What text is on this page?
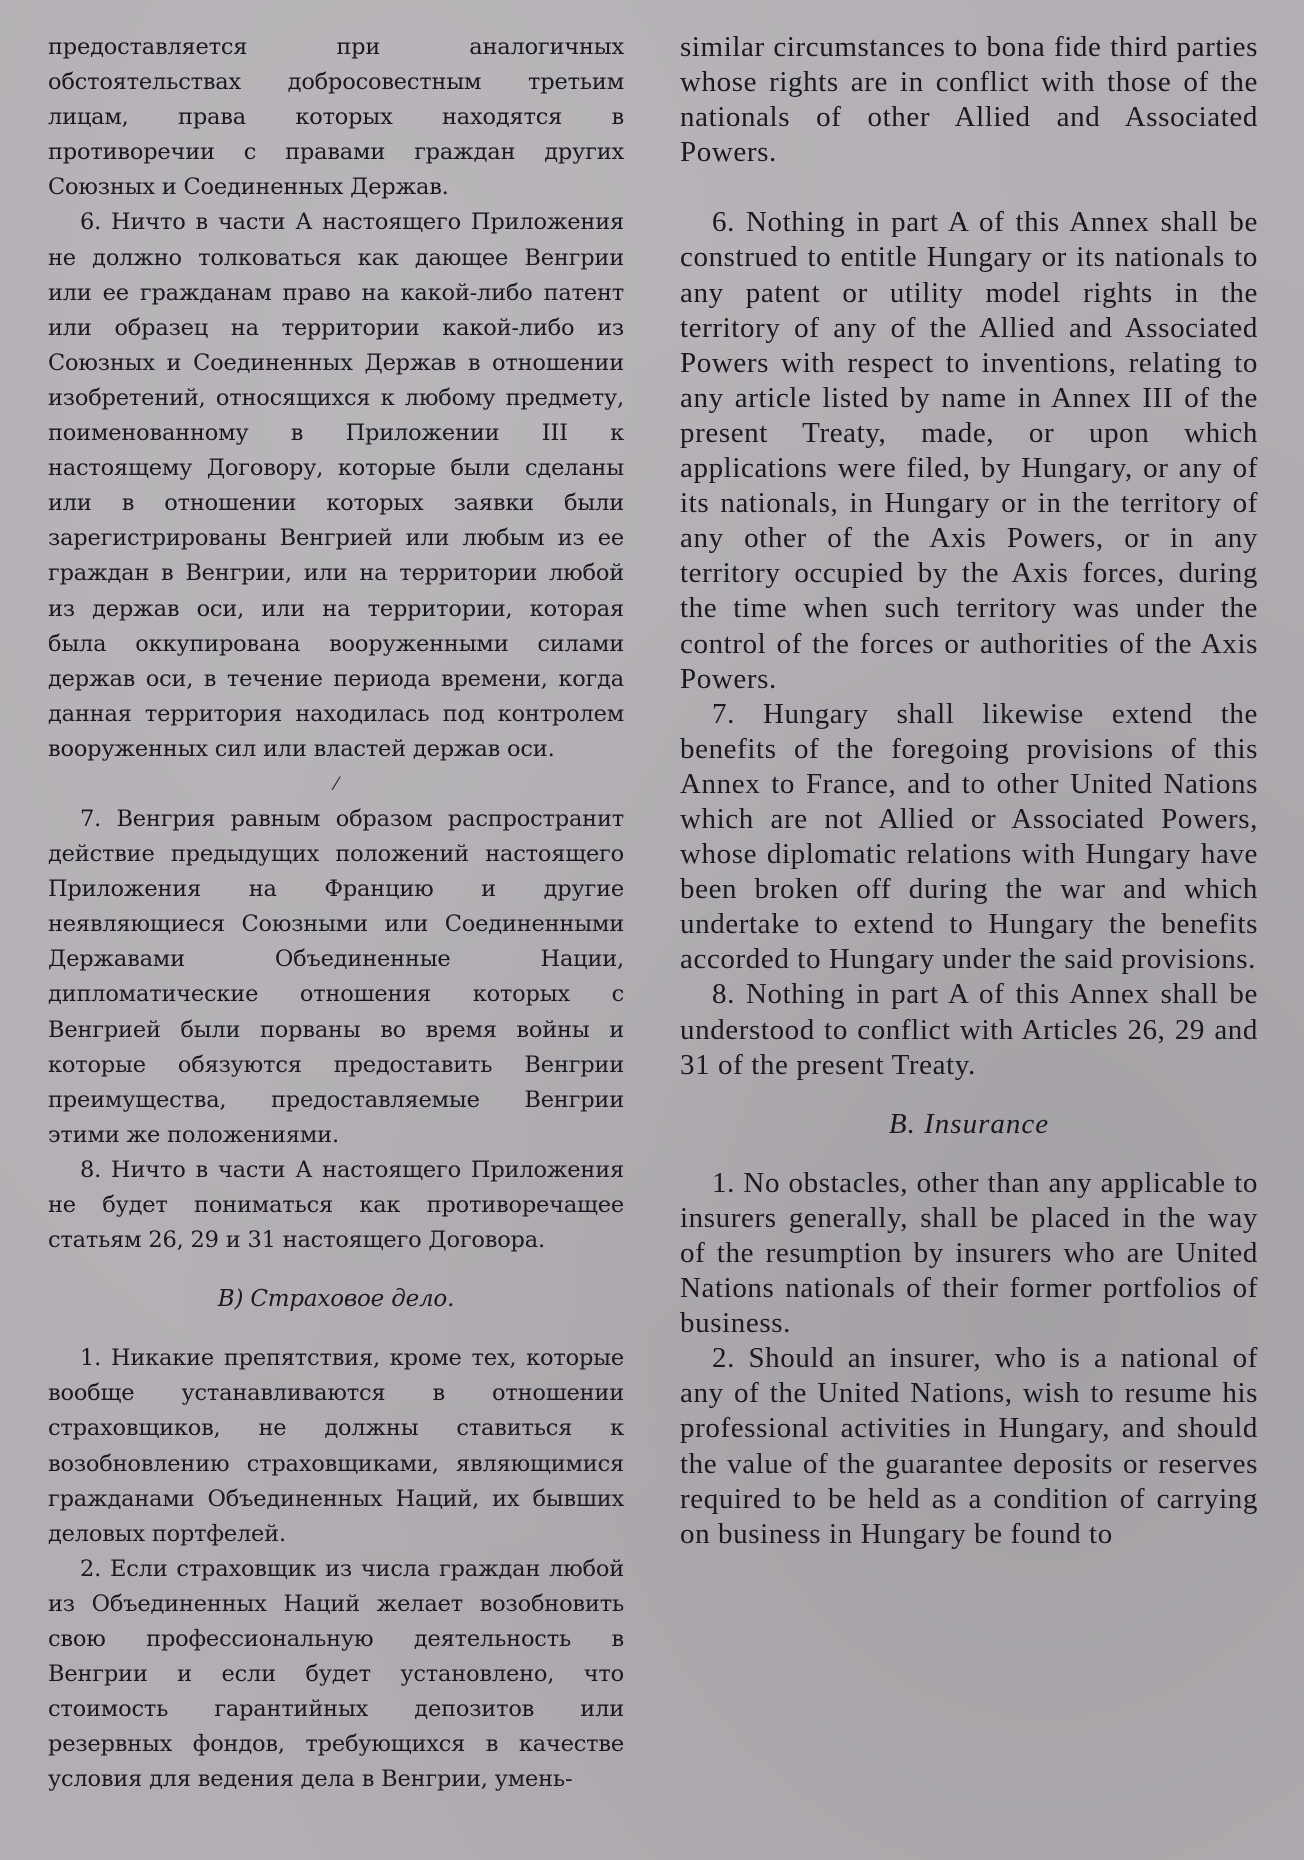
предоставляется при аналогичных обстоятельствах добросовестным третьим лицам, права которых находятся в противоречии с правами граждан других Союзных и Соединенных Держав.

6. Ничто в части А настоящего Приложения не должно толковаться как дающее Венгрии или ее гражданам право на какой-либо патент или образец на территории какой-либо из Союзных и Соединенных Держав в отношении изобретений, относящихся к любому предмету, поименованному в Приложении III к настоящему Договору, которые были сделаны или в отношении которых заявки были зарегистрированы Венгрией или любым из ее граждан в Венгрии, или на территории любой из держав оси, или на территории, которая была оккупирована вооруженными силами держав оси, в течение периода времени, когда данная территория находилась под контролем вооруженных сил или властей держав оси.

⁄

7. Венгрия равным образом распространит действие предыдущих положений настоящего Приложения на Францию и другие неявляющиеся Союзными или Соединенными Державами Объединенные Нации, дипломатические отношения которых с Венгрией были порваны во время войны и которые обязуются предоставить Венгрии преимущества, предоставляемые Венгрии этими же положениями.

8. Ничто в части А настоящего Приложения не будет пониматься как противоречащее статьям 26, 29 и 31 настоящего Договора.

B) Страховое дело.

1. Никакие препятствия, кроме тех, которые вообще устанавливаются в отношении страховщиков, не должны ставиться к возобновлению страховщиками, являющимися гражданами Объединенных Наций, их бывших деловых портфелей.

2. Если страховщик из числа граждан любой из Объединенных Наций желает возобновить свою профессиональную деятельность в Венгрии и если будет установлено, что стоимость гарантийных депозитов или резервных фондов, требующихся в качестве условия для ведения дела в Венгрии, умень-

similar circumstances to bona fide third parties whose rights are in conflict with those of the nationals of other Allied and Associated Powers.

6. Nothing in part A of this Annex shall be construed to entitle Hungary or its nationals to any patent or utility model rights in the territory of any of the Allied and Associated Powers with respect to inventions, relating to any article listed by name in Annex III of the present Treaty, made, or upon which applications were filed, by Hungary, or any of its nationals, in Hungary or in the territory of any other of the Axis Powers, or in any territory occupied by the Axis forces, during the time when such territory was under the control of the forces or authorities of the Axis Powers.

7. Hungary shall likewise extend the benefits of the foregoing provisions of this Annex to France, and to other United Nations which are not Allied or Associated Powers, whose diplomatic relations with Hungary have been broken off during the war and which undertake to extend to Hungary the benefits accorded to Hungary under the said provisions.

8. Nothing in part A of this Annex shall be understood to conflict with Articles 26, 29 and 31 of the present Treaty.

B. Insurance

1. No obstacles, other than any applicable to insurers generally, shall be placed in the way of the resumption by insurers who are United Nations nationals of their former portfolios of business.

2. Should an insurer, who is a national of any of the United Nations, wish to resume his professional activities in Hungary, and should the value of the guarantee deposits or reserves required to be held as a condition of carrying on business in Hungary be found to
